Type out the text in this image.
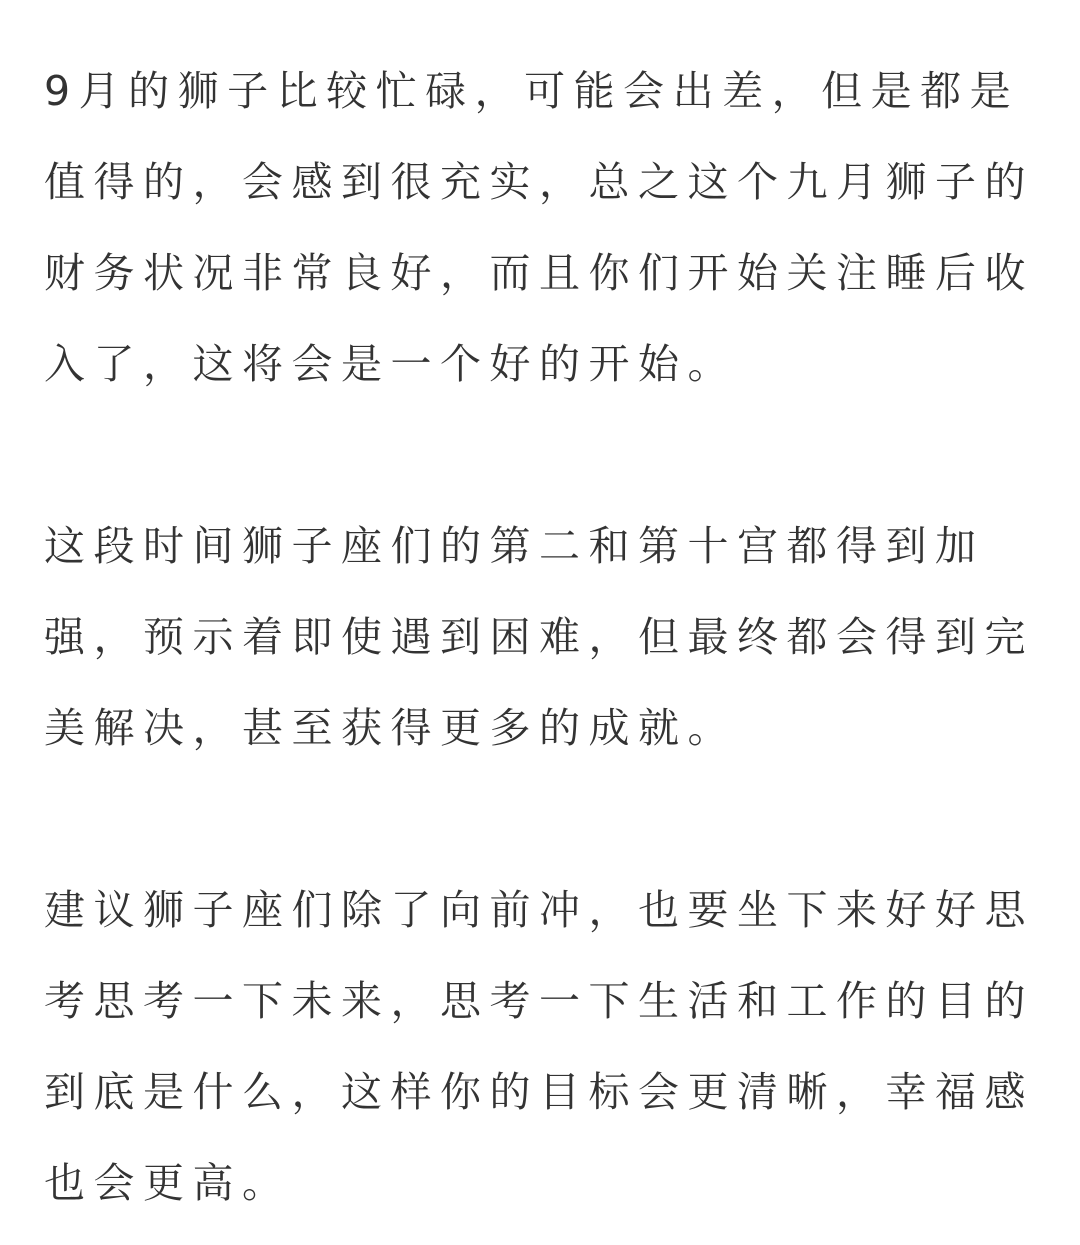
9月的狮子比较忙碌，可能会出差，但是都是值得的，会感到很充实，总之这个九月狮子的财务状况非常良好，而且你们开始关注睡后收入了，这将会是一个好的开始。

这段时间狮子座们的第二和第十宫都得到加强，预示着即使遇到困难，但最终都会得到完美解决，甚至获得更多的成就。

建议狮子座们除了向前冲，也要坐下来好好思考思考一下未来，思考一下生活和工作的目的到底是什么，这样你的目标会更清晰，幸福感也会更高。
